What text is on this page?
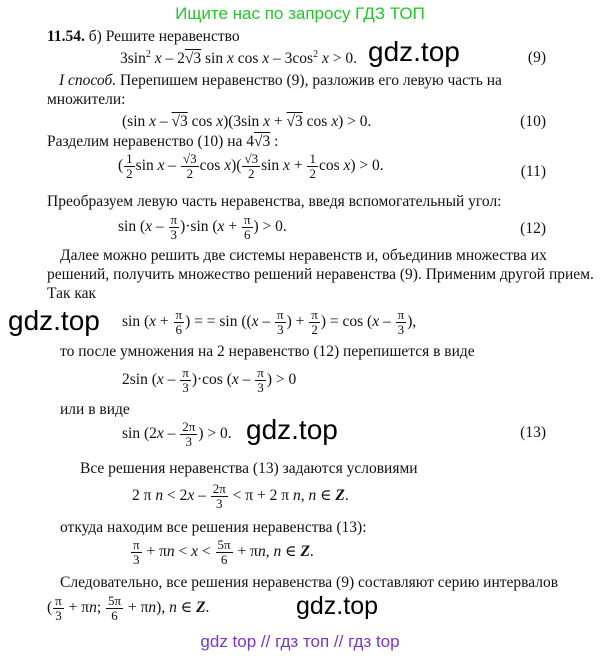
Ищите нас по запросу ГДЗ ТОП
11.54. б) Решите неравенство
$3\sin^2$ x – 2√3 sin x cos x – $3\cos^2$ x > 0. gdz.top	(9)
I способ. Перепишем неравенство (9), разложив его левую часть на
множители:
(sin x – √3 cos x)(3sin x + √3 cos x) > 0.	(10)
Разделим неравенство (10) на 4√3 :
( $\frac{1}{2}$ sin x – $\frac{√3}{2}$ $\cos x)( \frac{√3}{2}$ $\sin x + \frac{1}{2}$ cos x) > 0.	(11)
Преобразуем левую часть неравенства, введя вспомогательный угол:
$\sin (x - \frac{\pi}{3} )\cdot\sin$ ($x + \frac{\pi}{6}$ ) > 0.	(12)
Далее можно решить две системы неравенств и, объединив множества их
решений, получить множество решений неравенства (9). Применим другой прием.
Так как
gdz.top $\sin (x + \frac{\pi}{6}$ ) = = $\sin ((x - \frac{\pi}{3}$ ) + $\frac{\pi}{2}$ ) = $\cos (x - \frac{\pi}{3}$ ),
то после умножения на 2 неравенство (12) перепишется в виде
2sin $(x - \frac{\pi}{3} )\cdot\cos$ ($x - \frac{\pi}{3}$ ) > 0
или в виде
$\sin (2x - \frac{2\pi}{3}$ ) > 0. gdz.top	(13)
Все решения неравенства (13) задаются условиями
2 π $n < 2x - \frac{2\pi}{3} < \pi + 2$ π n, n ∈ Z.
откуда находим все решения неравенства (13):
$\frac{\pi}{3} + \pi n < x < \frac{5\pi}{6} + \pi n$, n ∈ Z.
Следовательно, все решения неравенства (9) составляют серию интервалов
( $\frac{\pi}{3} + \pi n$; $\frac{5\pi}{6} + \pi n$), n ∈ Z.	gdz.top
gdz top // гдз топ // гдз top
